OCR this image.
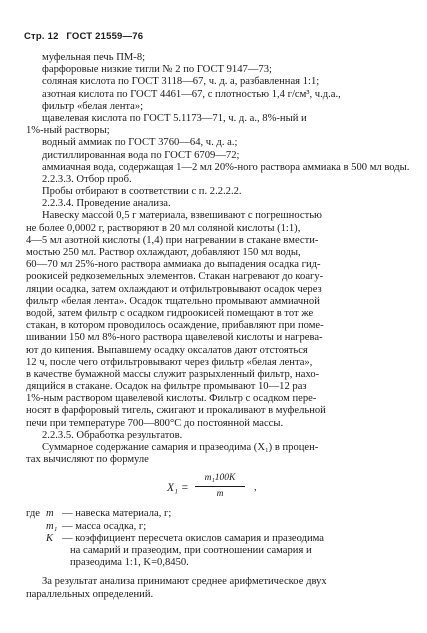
Стр. 12 ГОСТ 21559—76
муфельная печь ПМ-8;
фарфоровые низкие тигли № 2 по ГОСТ 9147—73;
соляная кислота по ГОСТ 3118—67, ч. д. а, разбавленная 1:1;
азотная кислота по ГОСТ 4461—67, с плотностью 1,4 г/см³, ч.д.а.,
фильтр «белая лента»;
щавелевая кислота по ГОСТ 5.1173—71, ч. д. а., 8%-ный и
1%-ный растворы;
водный аммиак по ГОСТ 3760—64, ч. д. а.;
дистиллированная вода по ГОСТ 6709—72;
аммиачная вода, содержащая 1—2 мл 20%-ного раствора аммиака в 500 мл воды.
2.2.3.3. Отбор проб.
Пробы отбирают в соответствии с п. 2.2.2.2.
2.2.3.4. Проведение анализа.
Навеску массой 0,5 г материала, взвешивают с погрешностью
не более 0,0002 г, растворяют в 20 мл соляной кислоты (1:1),
4—5 мл азотной кислоты (1,4) при нагревании в стакане вмести-
мостью 250 мл. Раствор охлаждают, добавляют 150 мл воды,
60—70 мл 25%-ного раствора аммиака до выпадения осадка гид-
роокисей редкоземельных элементов. Стакан нагревают до коагу-
ляции осадка, затем охлаждают и отфильтровывают осадок через
фильтр «белая лента». Осадок тщательно промывают аммиачной
водой, затем фильтр с осадком гидроокисей помещают в тот же
стакан, в котором проводилось осаждение, прибавляют при поме-
шивании 150 мл 8%-ного раствора щавелевой кислоты и нагрева-
ют до кипения. Выпавшему осадку оксалатов дают отстояться
12 ч, после чего отфильтровывают через фильтр «белая лента»,
в качестве бумажной массы служит разрыхленный фильтр, нахо-
дящийся в стакане. Осадок на фильтре промывают 10—12 раз
1%-ным раствором щавелевой кислоты. Фильтр с осадком пере-
носят в фарфоровый тигель, сжигают и прокаливают в муфельной
печи при температуре 700—800°С до постоянной массы.
2.2.3.5. Обработка результатов.
Суммарное содержание самария и празеодима (X₁) в процен-
тах вычисляют по формуле
X₁ =
m₁100K
m
,
где	m	— навеска материала, г;
	m₁	— масса осадка, г;
	K	— коэффициент пересчета окислов самария и празеодима
		на самарий и празеодим, при соотношении самария и
		празеодима 1:1, K=0,8450.
За результат анализа принимают среднее арифметическое двух
параллельных определений.
